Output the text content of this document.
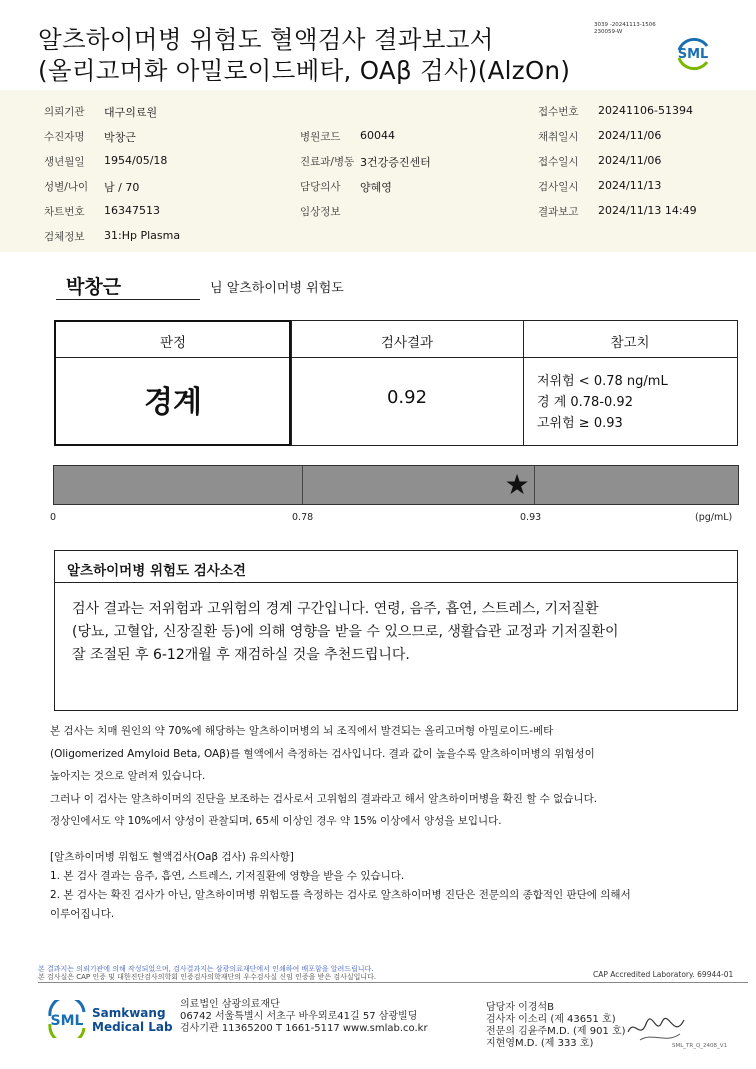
알츠하이머병 위험도 혈액검사 결과보고서
(올리고머화 아밀로이드베타, OAβ 검사)(AlzOn)
3039 -20241113-1506
230059-W
SML
의뢰기관 대구의료원	접수번호 20241106-51394
수진자명 박창근	병원코드 60044	채취일시 2024/11/06
생년월일 1954/05/18	진료과/병동 3건강증진센터	접수일시 2024/11/06
성별/나이 남 / 70	담당의사 양혜영	검사일시 2024/11/13
차트번호 16347513	임상정보	결과보고 2024/11/13 14:49
검체정보 31:Hp Plasma
박창근	님 알츠하이머병 위험도
판정	검사결과	참고치
경계	0.92
저위험 < 0.78 ng/mL
경 계 0.78-0.92
고위험 ≥ 0.93
★
0	0.78	0.93	(pg/mL)
알츠하이머병 위험도 검사소견
검사 결과는 저위험과 고위험의 경계 구간입니다. 연령, 음주, 흡연, 스트레스, 기저질환
(당뇨, 고혈압, 신장질환 등)에 의해 영향을 받을 수 있으므로, 생활습관 교정과 기저질환이
잘 조절된 후 6-12개월 후 재검하실 것을 추천드립니다.
본 검사는 치매 원인의 약 70%에 해당하는 알츠하이머병의 뇌 조직에서 발견되는 올리고머형 아밀로이드-베타
(Oligomerized Amyloid Beta, OAβ)를 혈액에서 측정하는 검사입니다. 결과 값이 높을수록 알츠하이머병의 위험성이
높아지는 것으로 알려져 있습니다.
그러나 이 검사는 알츠하이머의 진단을 보조하는 검사로서 고위험의 결과라고 해서 알츠하이머병을 확진 할 수 없습니다.
정상인에서도 약 10%에서 양성이 관찰되며, 65세 이상인 경우 약 15% 이상에서 양성을 보입니다.
[알츠하이머병 위험도 혈액검사(Oaβ 검사) 유의사항]
1. 본 검사 결과는 음주, 흡연, 스트레스, 기저질환에 영향을 받을 수 있습니다.
2. 본 검사는 확진 검사가 아닌, 알츠하이머병 위험도를 측정하는 검사로 알츠하이머병 진단은 전문의의 종합적인 판단에 의해서
이루어집니다.
본 결과지는 의뢰기관에 의해 작성되었으며, 검사결과지는 삼광의료재단에서 인쇄하여 배포함을 알려드립니다.
본 검사실은 CAP 인증 및 대한진단검사의학회 인증검사의학재단의 우수검사실 신임 인증을 받은 검사실입니다.	CAP Accredited Laboratory. 69944-01
SML Samkwang
Medical Lab
의료법인 삼광의료재단
06742 서울특별시 서초구 바우뫼로41길 57 삼광빌딩
검사기관 11365200 T 1661-5117 www.smlab.co.kr
담당자 이경석B
검사자 이소리 (제 43651 호)
전문의 김윤주M.D. (제 901 호)
지현영M.D. (제 333 호)	SML_TR_Q_2408_V1
